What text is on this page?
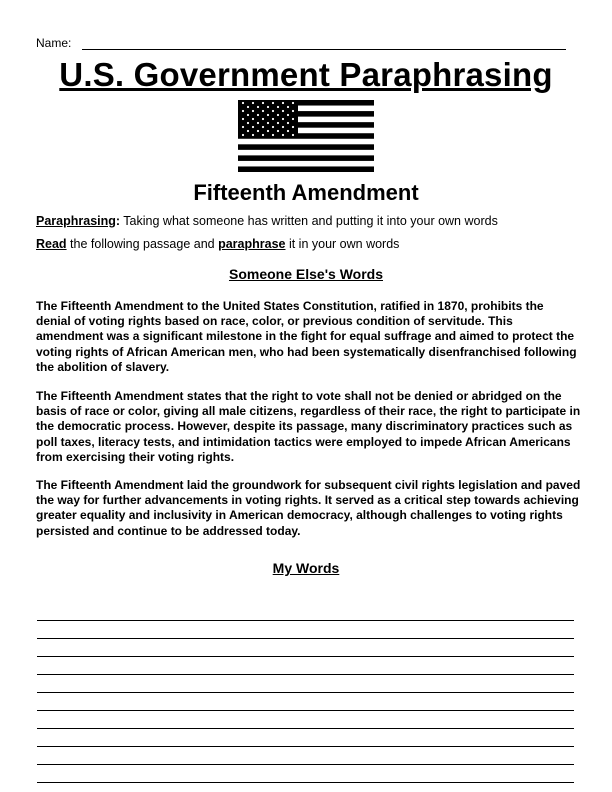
Name:
U.S. Government Paraphrasing
Fifteenth Amendment
Paraphrasing: Taking what someone has written and putting it into your own words
Read the following passage and paraphrase it in your own words
Someone Else's Words

The Fifteenth Amendment to the United States Constitution, ratified in 1870, prohibits the denial of voting rights based on race, color, or previous condition of servitude. This amendment was a significant milestone in the fight for equal suffrage and aimed to protect the voting rights of African American men, who had been systematically disenfranchised following the abolition of slavery.

The Fifteenth Amendment states that the right to vote shall not be denied or abridged on the basis of race or color, giving all male citizens, regardless of their race, the right to participate in the democratic process. However, despite its passage, many discriminatory practices such as poll taxes, literacy tests, and intimidation tactics were employed to impede African Americans from exercising their voting rights.

The Fifteenth Amendment laid the groundwork for subsequent civil rights legislation and paved the way for further advancements in voting rights. It served as a critical step towards achieving greater equality and inclusivity in American democracy, although challenges to voting rights persisted and continue to be addressed today.

My Words
